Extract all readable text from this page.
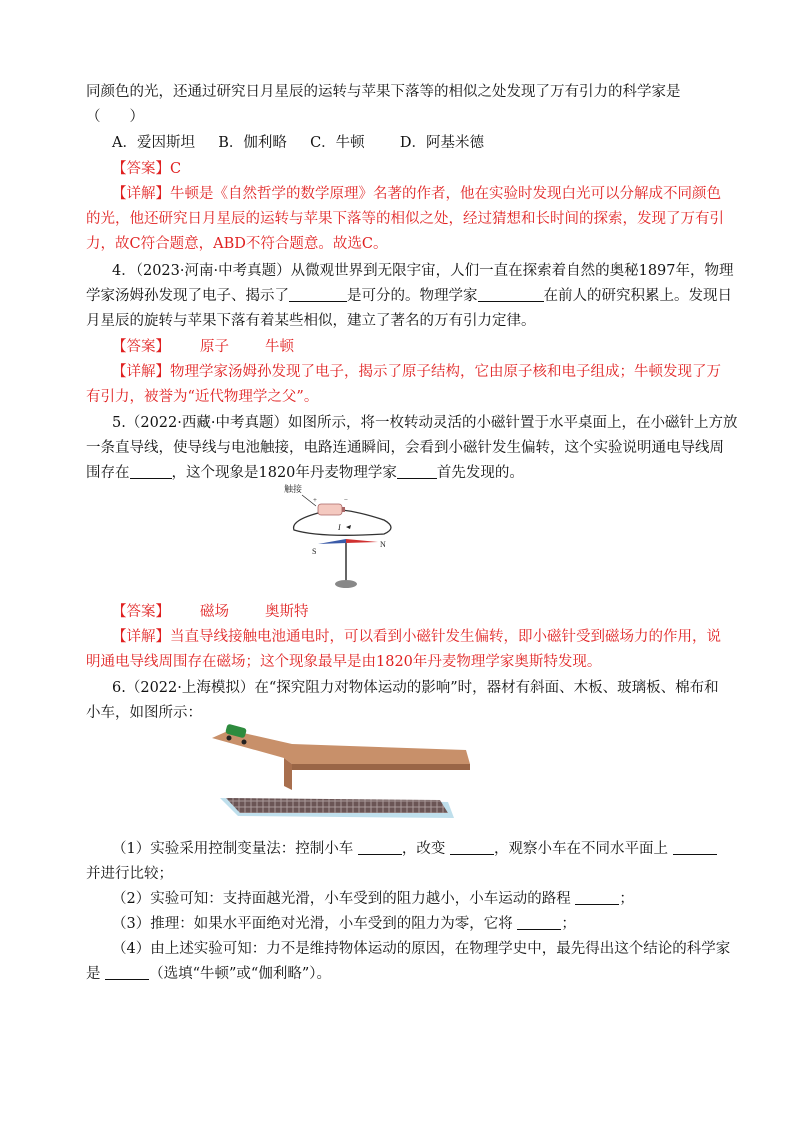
同颜色的光，还通过研究日月星辰的运转与苹果下落等的相似之处发现了万有引力的科学家是
（　　）
A．爱因斯坦 B．伽利略 C．牛顿 D．阿基米德
【答案】C
【详解】牛顿是《自然哲学的数学原理》名著的作者，他在实验时发现白光可以分解成不同颜色
的光，他还研究日月星辰的运转与苹果下落等的相似之处，经过猜想和长时间的探索，发现了万有引
力，故C符合题意，ABD不符合题意。故选C。
4．（2023·河南·中考真题）从微观世界到无限宇宙，人们一直在探索着自然的奥秘1897年，物理
学家汤姆孙发现了电子、揭示了	是可分的。物理学家	在前人的研究积累上。发现日
月星辰的旋转与苹果下落有着某些相似，建立了著名的万有引力定律。
【答案】 原子 牛顿
【详解】物理学家汤姆孙发现了电子，揭示了原子结构，它由原子核和电子组成；牛顿发现了万
有引力，被誉为“近代物理学之父”。
5.（2022·西藏·中考真题）如图所示，将一枚转动灵活的小磁针置于水平桌面上，在小磁针上方放
一条直导线，使导线与电池触接，电路连通瞬间，会看到小磁针发生偏转，这个实验说明通电导线周
围存在	，这个现象是1820年丹麦物理学家	首先发现的。
触接
+	−
I
S
N
【答案】 磁场 奥斯特
【详解】当直导线接触电池通电时，可以看到小磁针发生偏转，即小磁针受到磁场力的作用，说
明通电导线周围存在磁场；这个现象最早是由1820年丹麦物理学家奥斯特发现。
6.（2022·上海模拟）在“探究阻力对物体运动的影响”时，器材有斜面、木板、玻璃板、棉布和
小车，如图所示：
（1）实验采用控制变量法：控制小车	，改变	，观察小车在不同水平面上
并进行比较；
（2）实验可知：支持面越光滑，小车受到的阻力越小，小车运动的路程	；
（3）推理：如果水平面绝对光滑，小车受到的阻力为零，它将	；
（4）由上述实验可知：力不是维持物体运动的原因，在物理学史中，最先得出这个结论的科学家
是	（选填“牛顿”或“伽利略”）。
